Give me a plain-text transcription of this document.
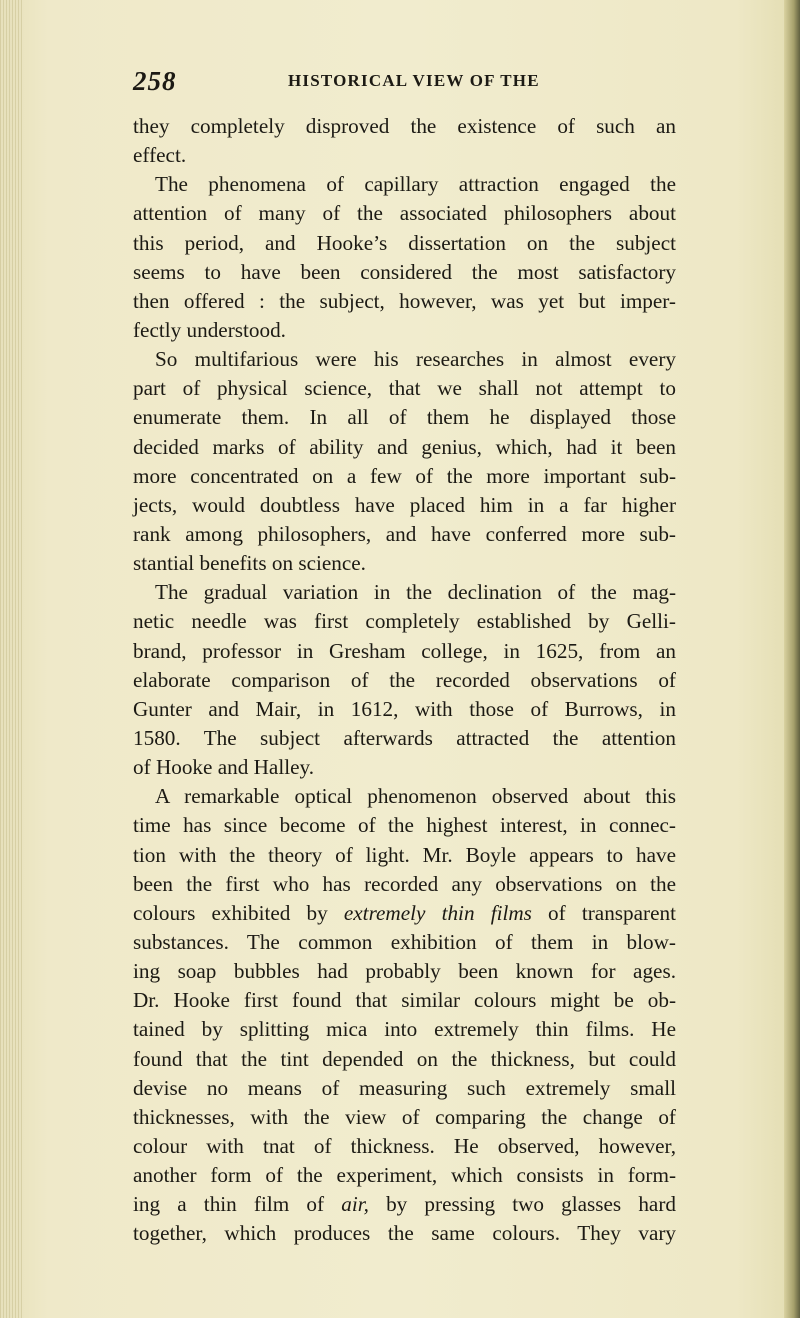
258	HISTORICAL VIEW OF THE
they completely disproved the existence of such an
effect.
The phenomena of capillary attraction engaged the
attention of many of the associated philosophers about
this period, and Hooke’s dissertation on the subject
seems to have been considered the most satisfactory
then offered : the subject, however, was yet but imper-
fectly understood.
So multifarious were his researches in almost every
part of physical science, that we shall not attempt to
enumerate them. In all of them he displayed those
decided marks of ability and genius, which, had it been
more concentrated on a few of the more important sub-
jects, would doubtless have placed him in a far higher
rank among philosophers, and have conferred more sub-
stantial benefits on science.
The gradual variation in the declination of the mag-
netic needle was first completely established by Gelli-
brand, professor in Gresham college, in 1625, from an
elaborate comparison of the recorded observations of
Gunter and Mair, in 1612, with those of Burrows, in
1580. The subject afterwards attracted the attention
of Hooke and Halley.
A remarkable optical phenomenon observed about this
time has since become of the highest interest, in connec-
tion with the theory of light. Mr. Boyle appears to have
been the first who has recorded any observations on the
colours exhibited by extremely thin films of transparent
substances. The common exhibition of them in blow-
ing soap bubbles had probably been known for ages.
Dr. Hooke first found that similar colours might be ob-
tained by splitting mica into extremely thin films. He
found that the tint depended on the thickness, but could
devise no means of measuring such extremely small
thicknesses, with the view of comparing the change of
colour with tnat of thickness. He observed, however,
another form of the experiment, which consists in form-
ing a thin film of air, by pressing two glasses hard
together, which produces the same colours. They vary
